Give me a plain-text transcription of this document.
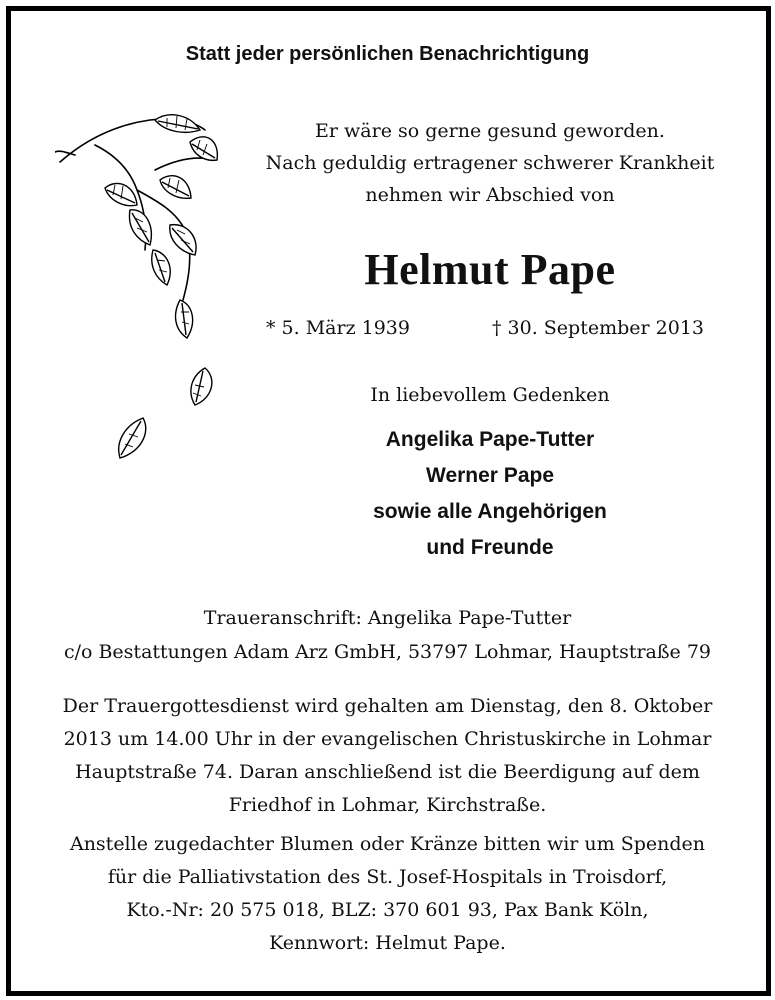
Statt jeder persönlichen Benachrichtigung
Er wäre so gerne gesund geworden.
Nach geduldig ertragener schwerer Krankheit
nehmen wir Abschied von
Helmut Pape
* 5. März 1939	† 30. September 2013
In liebevollem Gedenken
Angelika Pape-Tutter
Werner Pape
sowie alle Angehörigen
und Freunde
Traueranschrift: Angelika Pape-Tutter
c/o Bestattungen Adam Arz GmbH, 53797 Lohmar, Hauptstraße 79
Der Trauergottesdienst wird gehalten am Dienstag, den 8. Oktober
2013 um 14.00 Uhr in der evangelischen Christuskirche in Lohmar
Hauptstraße 74. Daran anschließend ist die Beerdigung auf dem
Friedhof in Lohmar, Kirchstraße.
Anstelle zugedachter Blumen oder Kränze bitten wir um Spenden
für die Palliativstation des St. Josef-Hospitals in Troisdorf,
Kto.-Nr: 20 575 018, BLZ: 370 601 93, Pax Bank Köln,
Kennwort: Helmut Pape.
